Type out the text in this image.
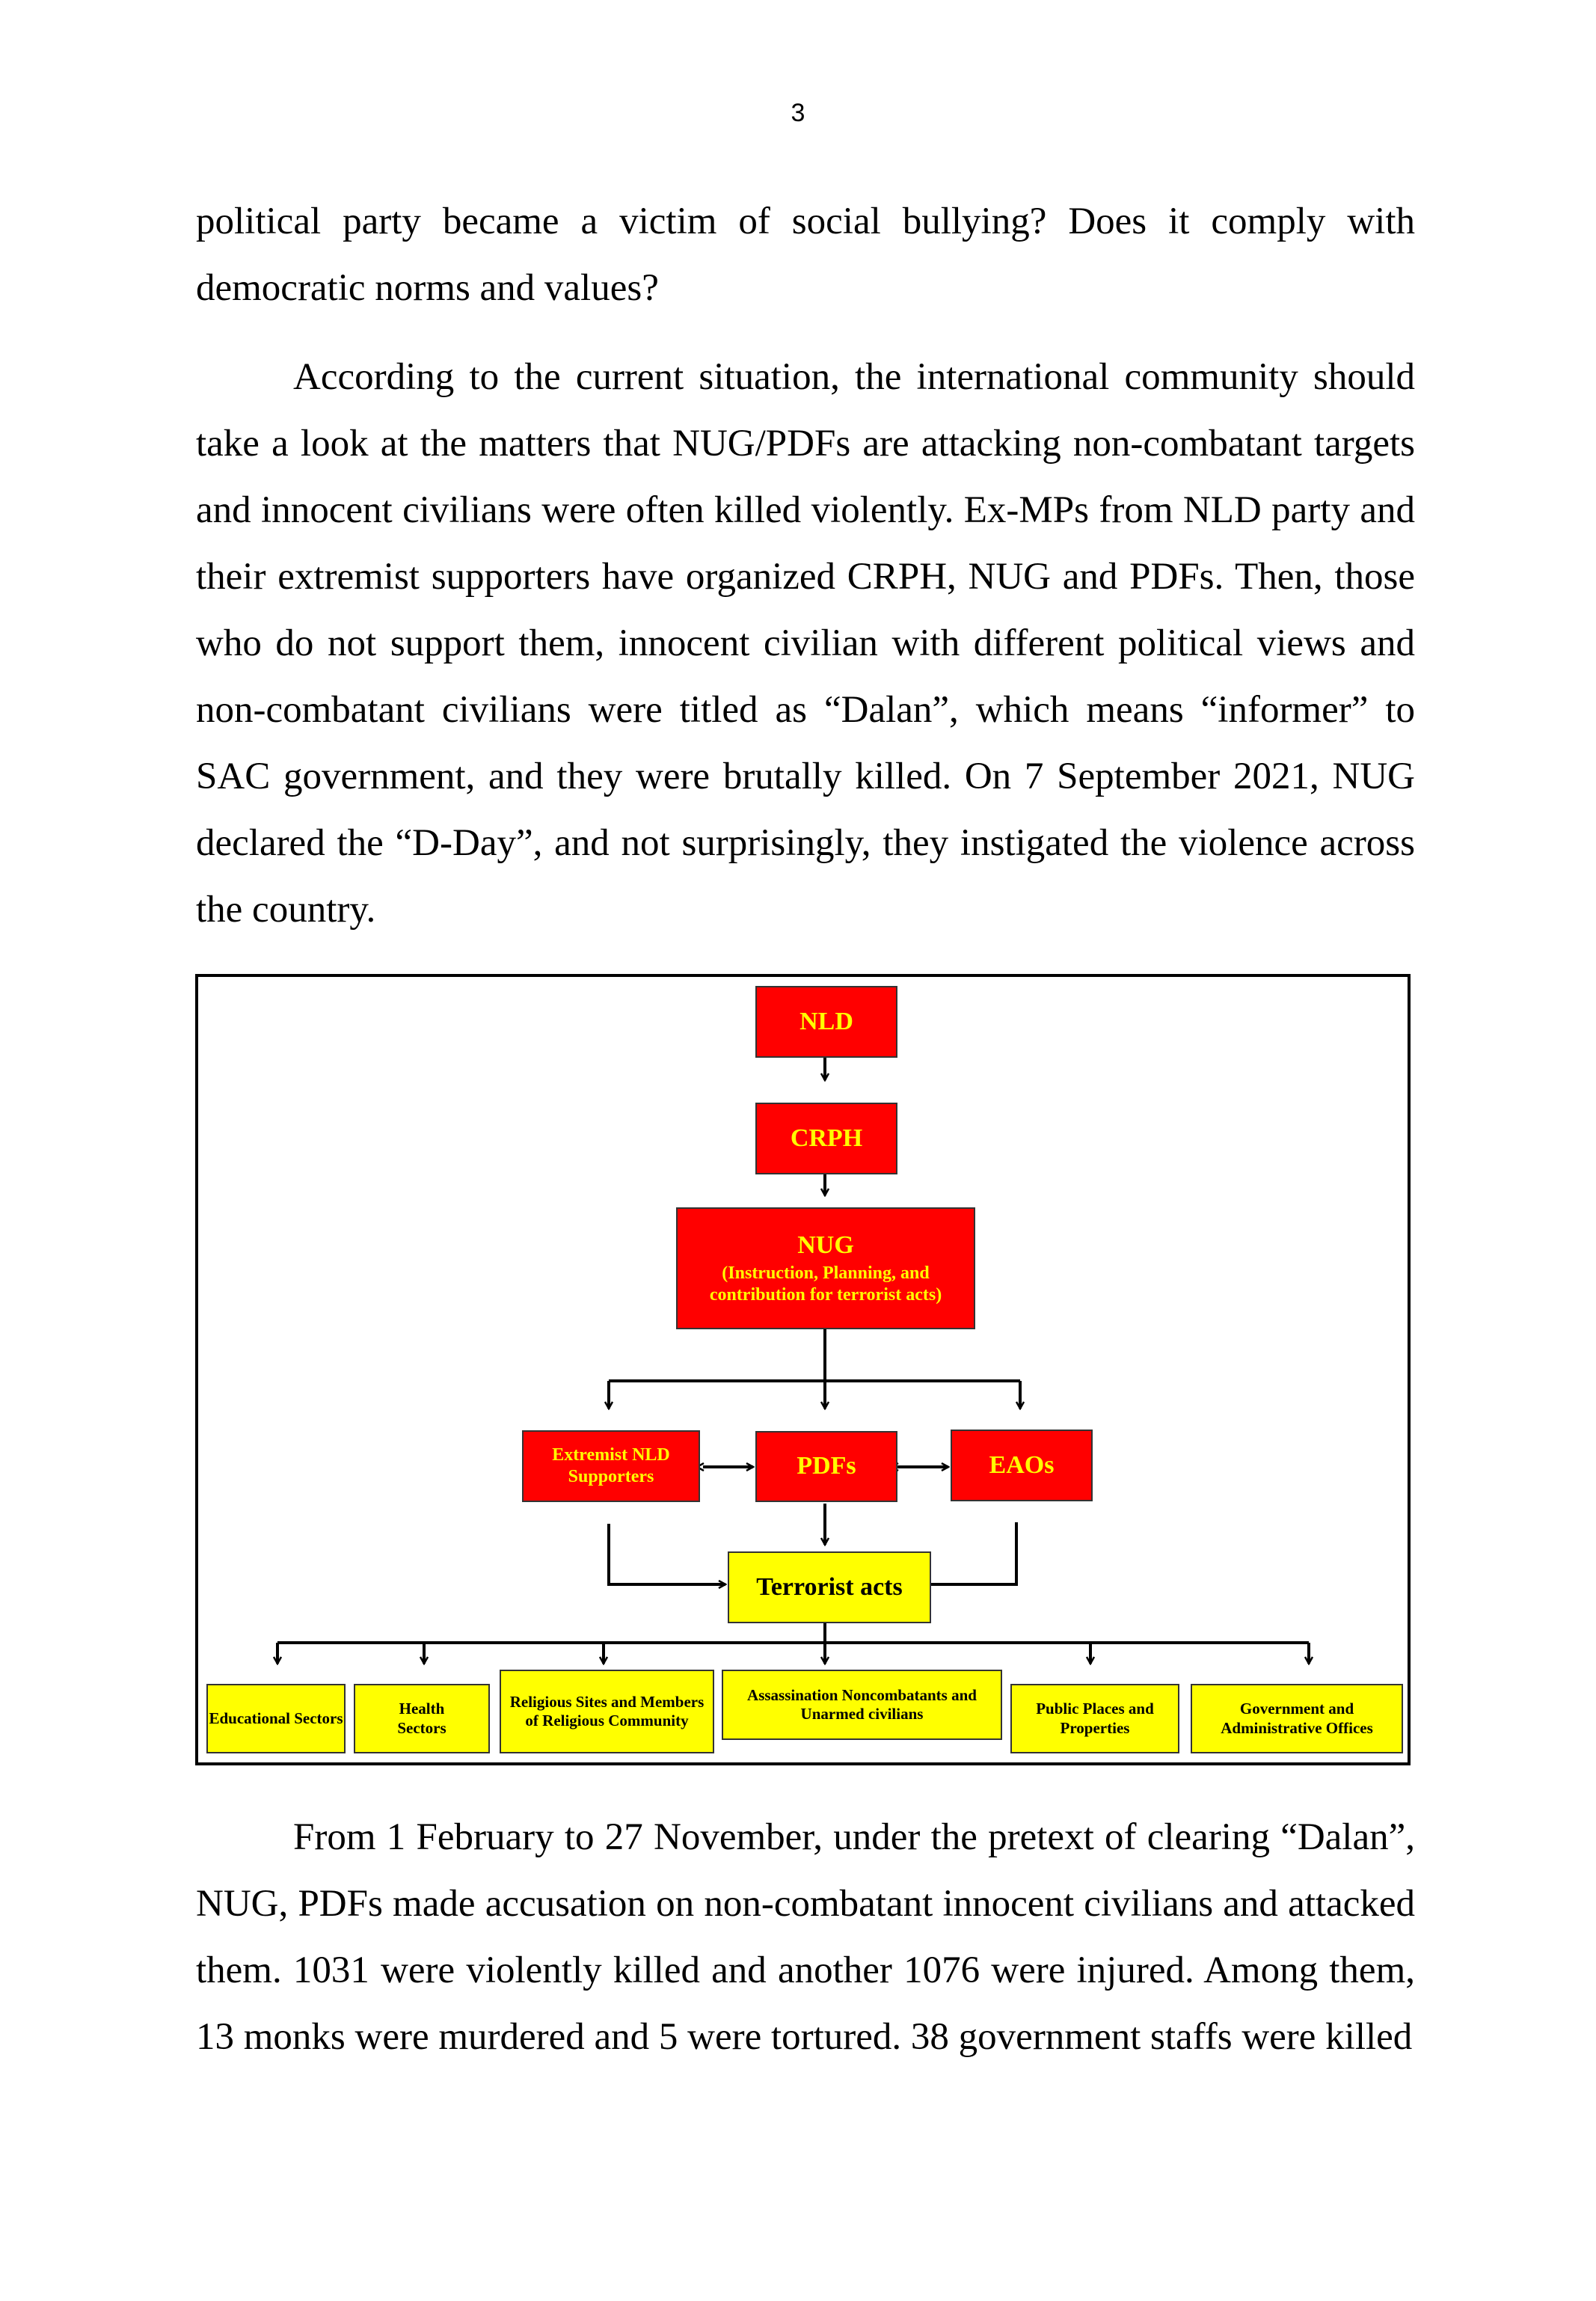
3

political party became a victim of social bullying? Does it comply with democratic norms and values?

According to the current situation, the international community should take a look at the matters that NUG/PDFs are attacking non-combatant targets and innocent civilians were often killed violently. Ex-MPs from NLD party and their extremist supporters have organized CRPH, NUG and PDFs. Then, those who do not support them, innocent civilian with different political views and non-combatant civilians were titled as “Dalan”, which means “informer” to SAC government, and they were brutally killed. On 7 September 2021, NUG declared the “D-Day”, and not surprisingly, they instigated the violence across the country.

NLD
CRPH
NUG
(Instruction, Planning, and contribution for terrorist acts)
Extremist NLD Supporters	PDFs	EAOs
Terrorist acts
Educational Sectors
Health Sectors
Religious Sites and Members of Religious Community
Assassination Noncombatants and Unarmed civilians	Public Places and Properties
Government and Administrative Offices

From 1 February to 27 November, under the pretext of clearing “Dalan”, NUG, PDFs made accusation on non-combatant innocent civilians and attacked them. 1031 were violently killed and another 1076 were injured. Among them, 13 monks were murdered and 5 were tortured. 38 government staffs were killed
